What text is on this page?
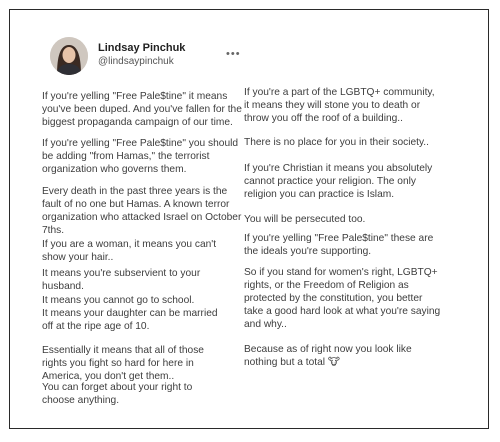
Lindsay Pinchuk
@lindsaypinchuk
•••

If you're yelling "Free Pale$tine" it means
you've been duped. And you've fallen for the
biggest propaganda campaign of our time.

If you're yelling "Free Pale$tine" you should
be adding "from Hamas," the terrorist
organization who governs them.

Every death in the past three years is the
fault of no one but Hamas. A known terror
organization who attacked Israel on October
7ths.

If you are a woman, it means you can't
show your hair..

It means you're subservient to your
husband.

It means you cannot go to school.

It means your daughter can be married
off at the ripe age of 10.

Essentially it means that all of those
rights you fight so hard for here in
America, you don't get them..

You can forget about your right to
choose anything.

If you're a part of the LGBTQ+ community,
it means they will stone you to death or
throw you off the roof of a building..

There is no place for you in their society..

If you're Christian it means you absolutely
cannot practice your religion. The only
religion you can practice is Islam.

You will be persecuted too.

If you're yelling "Free Pale$tine" these are
the ideals you're supporting.

So if you stand for women's right, LGBTQ+
rights, or the Freedom of Religion as
protected by the constitution, you better
take a good hard look at what you're saying
and why..

Because as of right now you look like
nothing but a total 🐮
